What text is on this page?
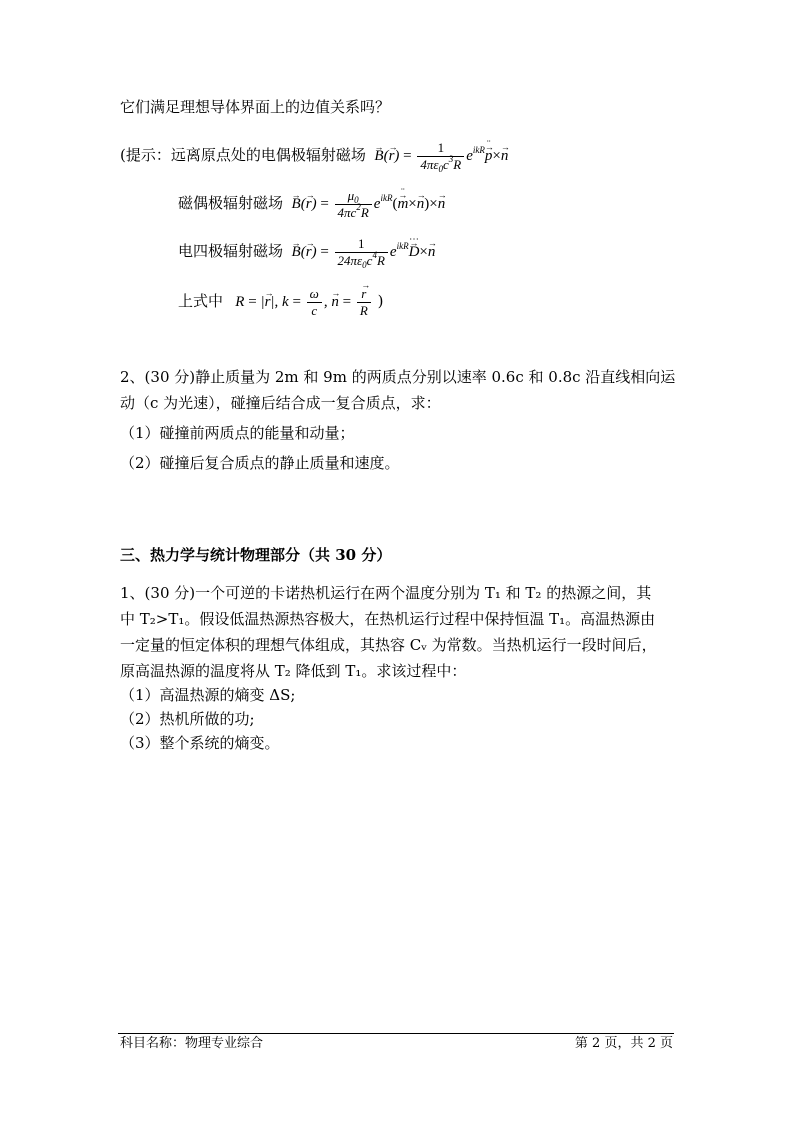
它们满足理想导体界面上的边值关系吗？
(提示：远离原点处的电偶极辐射磁场 → $B(\to r) = \frac{1}{4\pi\varepsilon_0c^3R} e^{ikR}\to p$ ¨×→ n
磁偶极辐射磁场 → $B(\to r) = \frac{\mu_0}{4\pi c^2R} e^{ikR}(\to m$ ¨×→ n)×→ n
电四极辐射磁场 → $B(\to r) = \frac{1}{24\pi\varepsilon_0c^4R} e^{ikR}\to D$ ⋯×→ n
上式中   R = |→ r|, $k = \frac{\omega}{c}$ , → n = → $\frac{r}{R}$ )
2、(30 分)静止质量为 2m 和 9m 的两质点分别以速率 0.6c 和 0.8c 沿直线相向运
动（c 为光速），碰撞后结合成一复合质点，求：
（1）碰撞前两质点的能量和动量；
（2）碰撞后复合质点的静止质量和速度。
三、热力学与统计物理部分（共 30 分）
1、(30 分)一个可逆的卡诺热机运行在两个温度分别为 T₁ 和 T₂ 的热源之间，其
中 T₂>T₁。假设低温热源热容极大，在热机运行过程中保持恒温 T₁。高温热源由
一定量的恒定体积的理想气体组成，其热容 Cᵥ 为常数。当热机运行一段时间后，
原高温热源的温度将从 T₂ 降低到 T₁。求该过程中：
（1）高温热源的熵变 ΔS;
（2）热机所做的功;
（3）整个系统的熵变。
科目名称：物理专业综合	第 2 页，共 2 页
